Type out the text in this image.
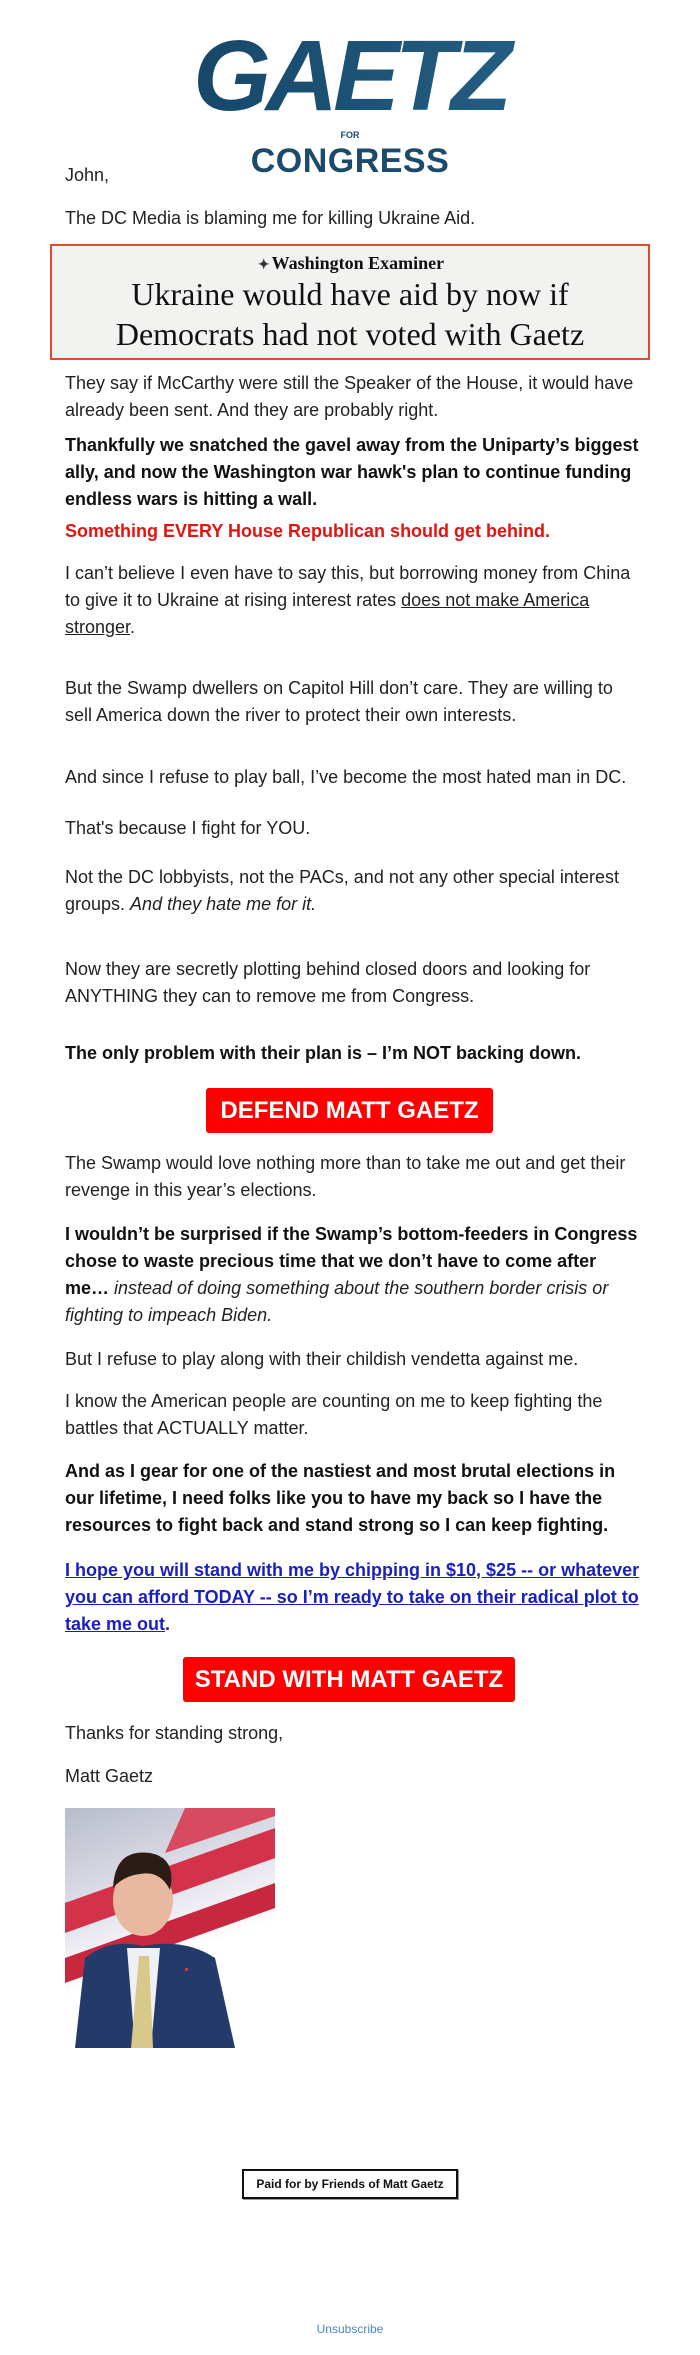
GAETZ
FOR
CONGRESS

John,

The DC Media is blaming me for killing Ukraine Aid.

✦ Washington Examiner
Ukraine would have aid by now if
Democrats had not voted with Gaetz

They say if McCarthy were still the Speaker of the House, it would have already been sent. And they are probably right.

Thankfully we snatched the gavel away from the Uniparty’s biggest ally, and now the Washington war hawk's plan to continue funding endless wars is hitting a wall.

Something EVERY House Republican should get behind.

I can’t believe I even have to say this, but borrowing money from China to give it to Ukraine at rising interest rates does not make America stronger.

But the Swamp dwellers on Capitol Hill don’t care. They are willing to sell America down the river to protect their own interests.

And since I refuse to play ball, I’ve become the most hated man in DC.

That's because I fight for YOU.

Not the DC lobbyists, not the PACs, and not any other special interest groups. And they hate me for it.

Now they are secretly plotting behind closed doors and looking for ANYTHING they can to remove me from Congress.

The only problem with their plan is – I’m NOT backing down.

DEFEND MATT GAETZ

The Swamp would love nothing more than to take me out and get their revenge in this year’s elections.

I wouldn’t be surprised if the Swamp’s bottom-feeders in Congress chose to waste precious time that we don’t have to come after me… instead of doing something about the southern border crisis or fighting to impeach Biden.

But I refuse to play along with their childish vendetta against me.

I know the American people are counting on me to keep fighting the battles that ACTUALLY matter.

And as I gear for one of the nastiest and most brutal elections in our lifetime, I need folks like you to have my back so I have the resources to fight back and stand strong so I can keep fighting.

I hope you will stand with me by chipping in $10, $25 -- or whatever you can afford TODAY -- so I’m ready to take on their radical plot to take me out.

STAND WITH MATT GAETZ

Thanks for standing strong,

Matt Gaetz

Paid for by Friends of Matt Gaetz
Unsubscribe
